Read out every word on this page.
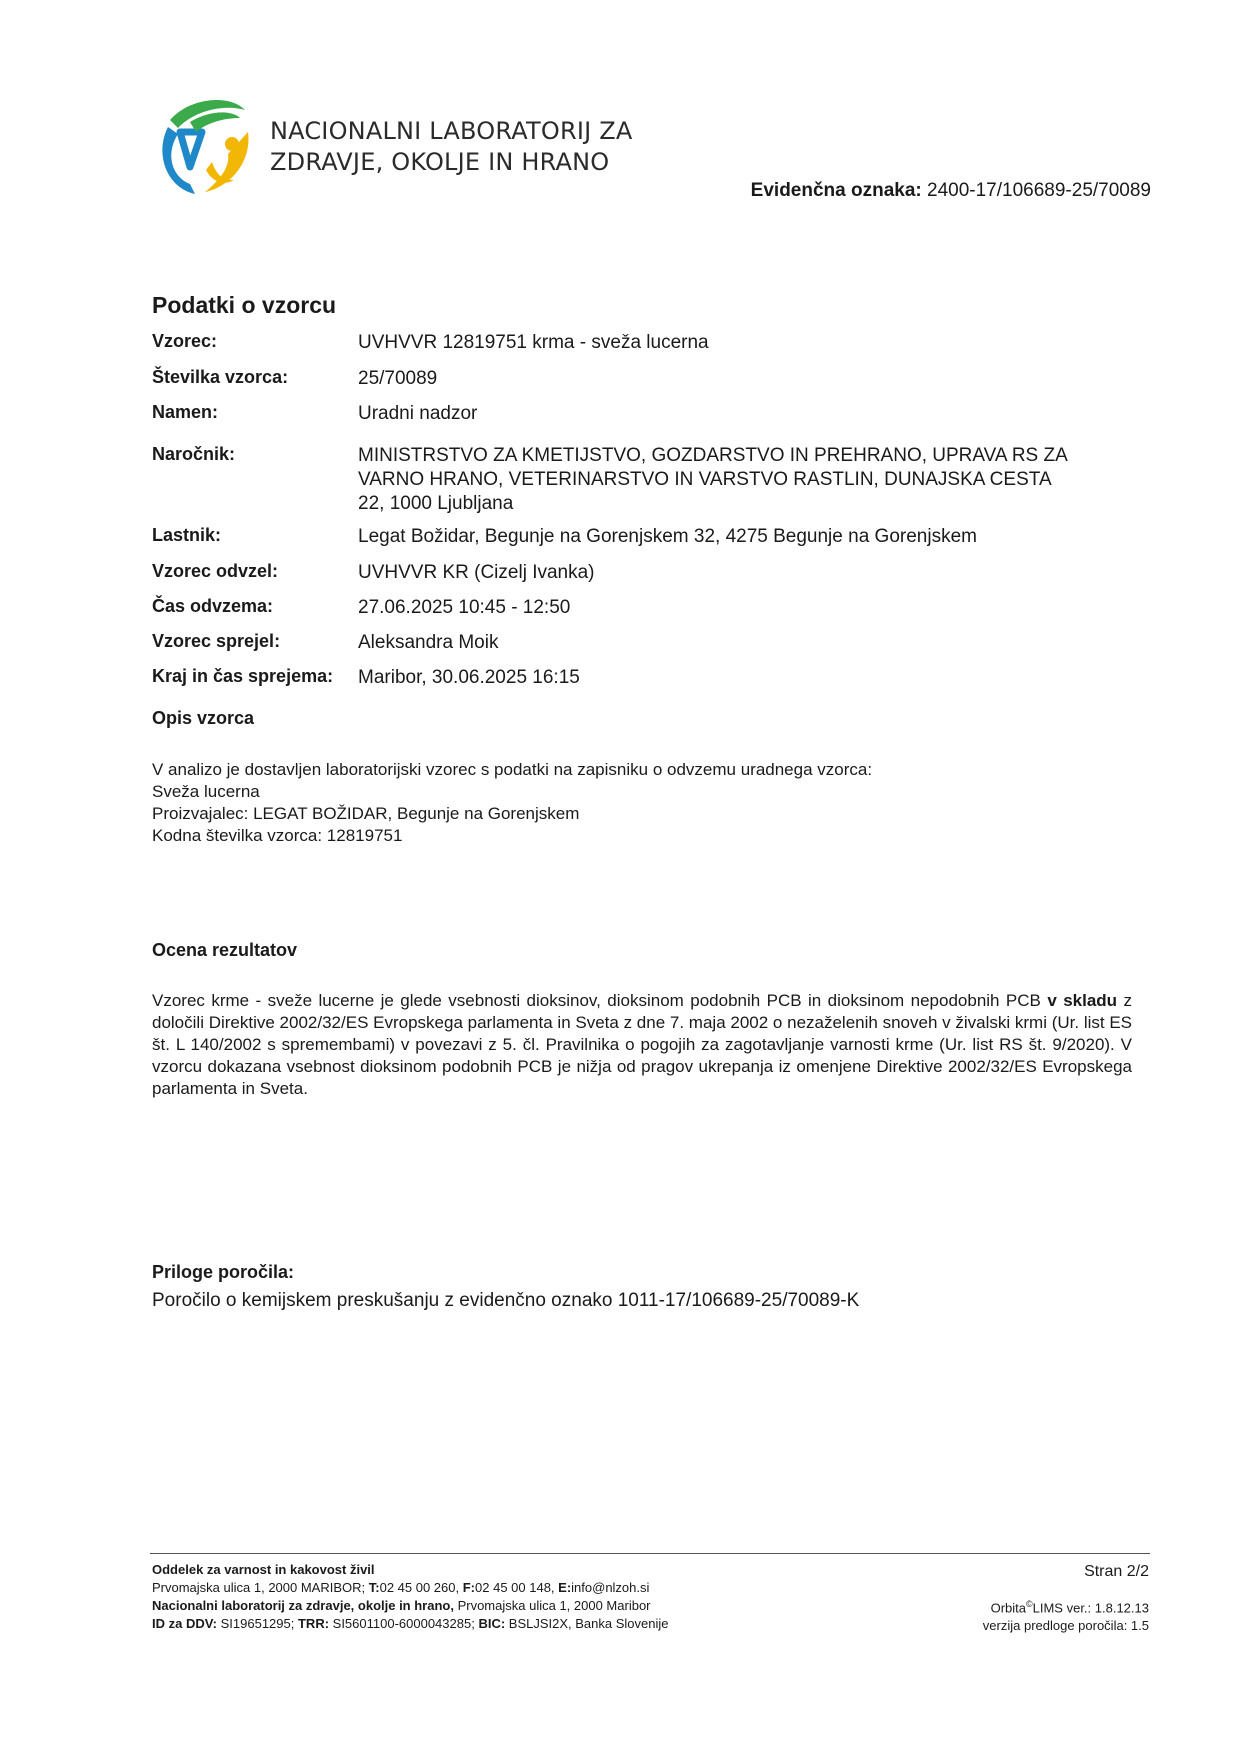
NACIONALNI LABORATORIJ ZA
ZDRAVJE, OKOLJE IN HRANO
Evidenčna oznaka: 2400-17/106689-25/70089
Podatki o vzorcu
Vzorec:	UVHVVR 12819751 krma - sveža lucerna
Številka vzorca:	25/70089
Namen:	Uradni nadzor
Naročnik:	MINISTRSTVO ZA KMETIJSTVO, GOZDARSTVO IN PREHRANO, UPRAVA RS ZA
VARNO HRANO, VETERINARSTVO IN VARSTVO RASTLIN, DUNAJSKA CESTA
22, 1000 Ljubljana
Lastnik:	Legat Božidar, Begunje na Gorenjskem 32, 4275 Begunje na Gorenjskem
Vzorec odvzel:	UVHVVR KR (Cizelj Ivanka)
Čas odvzema:	27.06.2025 10:45 - 12:50
Vzorec sprejel:	Aleksandra Moik
Kraj in čas sprejema: Maribor, 30.06.2025 16:15
Opis vzorca
V analizo je dostavljen laboratorijski vzorec s podatki na zapisniku o odvzemu uradnega vzorca:
Sveža lucerna
Proizvajalec: LEGAT BOŽIDAR, Begunje na Gorenjskem
Kodna številka vzorca: 12819751
Ocena rezultatov
Vzorec krme - sveže lucerne je glede vsebnosti dioksinov, dioksinom podobnih PCB in dioksinom nepodobnih PCB v skladu z določili Direktive 2002/32/ES Evropskega parlamenta in Sveta z dne 7. maja 2002 o nezaželenih snoveh v živalski krmi (Ur. list ES št. L 140/2002 s spremembami) v povezavi z 5. čl. Pravilnika o pogojih za zagotavljanje varnosti krme (Ur. list RS št. 9/2020). V vzorcu dokazana vsebnost dioksinom podobnih PCB je nižja od pragov ukrepanja iz omenjene Direktive 2002/32/ES Evropskega parlamenta in Sveta.
Priloge poročila:
Poročilo o kemijskem preskušanju z evidenčno oznako 1011-17/106689-25/70089-K
Oddelek za varnost in kakovost živil
Prvomajska ulica 1, 2000 MARIBOR; T:02 45 00 260, F:02 45 00 148, E:info@nlzoh.si
Nacionalni laboratorij za zdravje, okolje in hrano, Prvomajska ulica 1, 2000 Maribor
ID za DDV: SI19651295; TRR: SI5601100-6000043285; BIC: BSLJSI2X, Banka Slovenije
Stran 2/2
Orbita©LIMS ver.: 1.8.12.13
verzija predloge poročila: 1.5
